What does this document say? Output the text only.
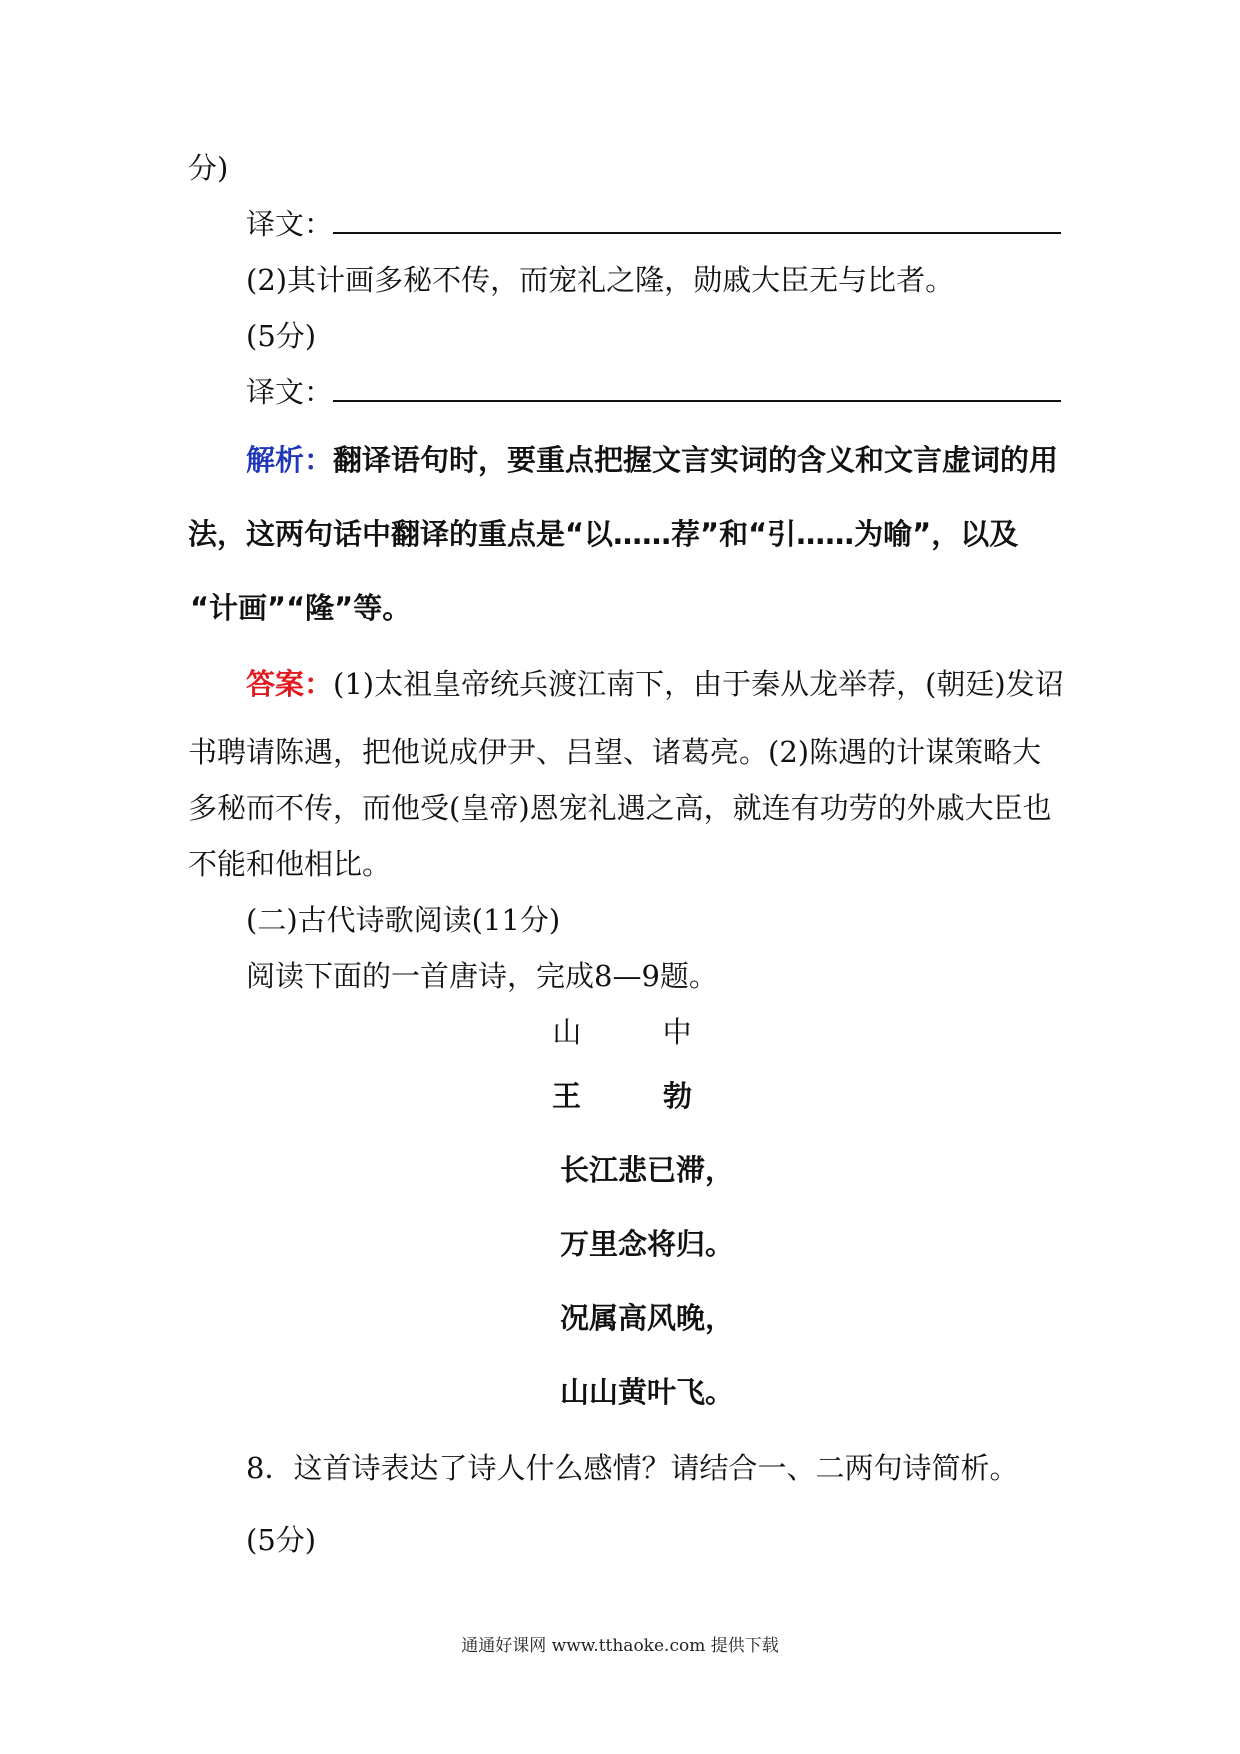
分)
译文：
(2)其计画多秘不传，而宠礼之隆，勋戚大臣无与比者。
(5分)
译文：
解析：翻译语句时，要重点把握文言实词的含义和文言虚词的用
法，这两句话中翻译的重点是“以……荐”和“引……为喻”，以及
“计画”“隆”等。
答案：(1)太祖皇帝统兵渡江南下，由于秦从龙举荐，(朝廷)发诏
书聘请陈遇，把他说成伊尹、吕望、诸葛亮。(2)陈遇的计谋策略大
多秘而不传，而他受(皇帝)恩宠礼遇之高，就连有功劳的外戚大臣也
不能和他相比。
(二)古代诗歌阅读(11分)
阅读下面的一首唐诗，完成8—9题。
山 中
王 勃
长江悲已滞，
万里念将归。
况属高风晚，
山山黄叶飞。
8．这首诗表达了诗人什么感情？请结合一、二两句诗简析。
(5分)
通通好课网 www.tthaoke.com 提供下载
